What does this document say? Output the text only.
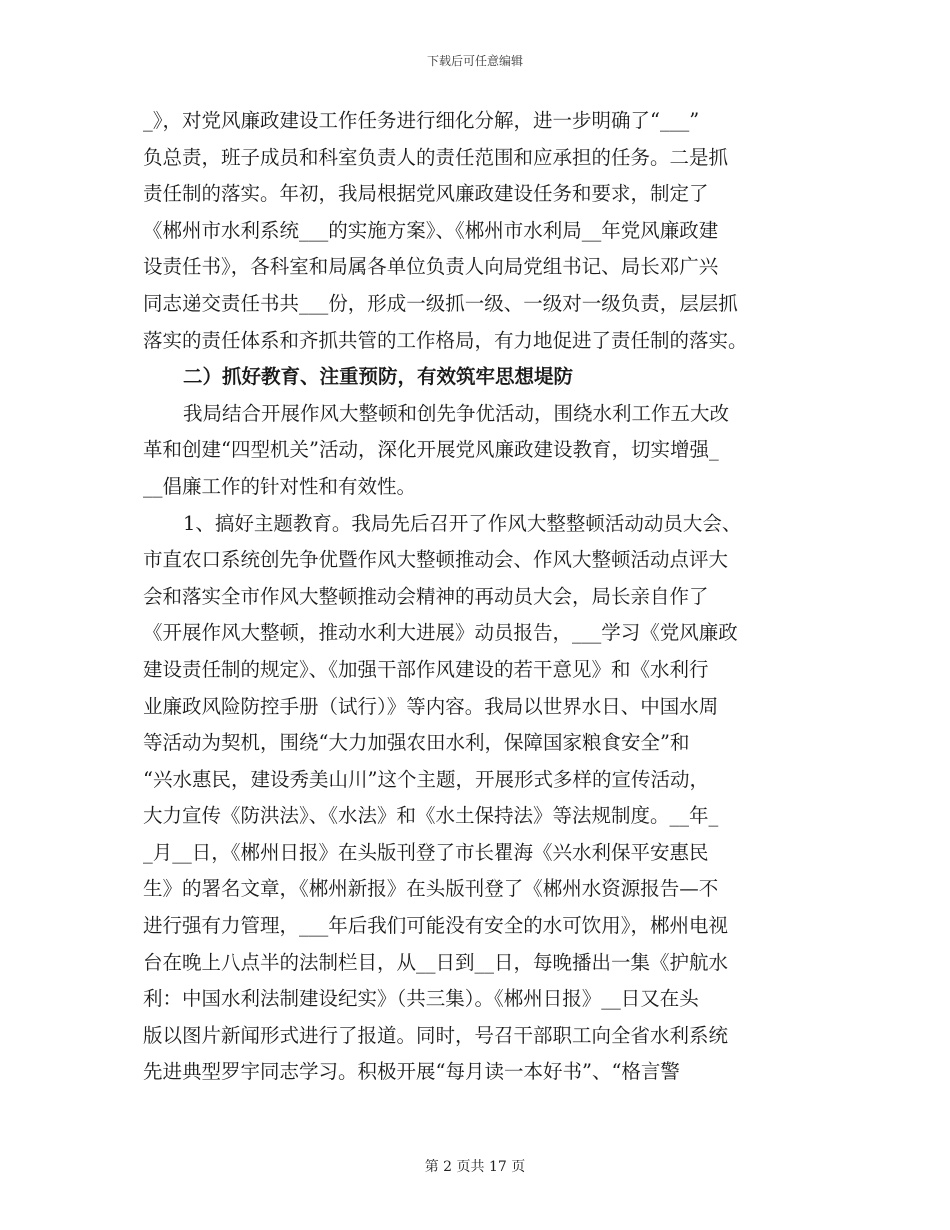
下载后可任意编辑
_》，对党风廉政建设工作任务进行细化分解，进一步明确了“___”
负总责，班子成员和科室负责人的责任范围和应承担的任务。二是抓
责任制的落实。年初，我局根据党风廉政建设任务和要求，制定了
《郴州市水利系统___的实施方案》、《郴州市水利局__年党风廉政建
设责任书》，各科室和局属各单位负责人向局党组书记、局长邓广兴
同志递交责任书共___份，形成一级抓一级、一级对一级负责，层层抓
落实的责任体系和齐抓共管的工作格局，有力地促进了责任制的落实。
二）抓好教育、注重预防，有效筑牢思想堤防
我局结合开展作风大整顿和创先争优活动，围绕水利工作五大改
革和创建“四型机关”活动，深化开展党风廉政建设教育，切实增强_
__倡廉工作的针对性和有效性。
1、搞好主题教育。我局先后召开了作风大整整顿活动动员大会、
市直农口系统创先争优暨作风大整顿推动会、作风大整顿活动点评大
会和落实全市作风大整顿推动会精神的再动员大会，局长亲自作了
《开展作风大整顿，推动水利大进展》动员报告，___学习《党风廉政
建设责任制的规定》、《加强干部作风建设的若干意见》和《水利行
业廉政风险防控手册（试行）》等内容。我局以世界水日、中国水周
等活动为契机，围绕“大力加强农田水利，保障国家粮食安全”和
“兴水惠民，建设秀美山川”这个主题，开展形式多样的宣传活动，
大力宣传《防洪法》、《水法》和《水土保持法》等法规制度。__年_
_月__日，《郴州日报》在头版刊登了市长瞿海《兴水利保平安惠民
生》的署名文章，《郴州新报》在头版刊登了《郴州水资源报告—不
进行强有力管理，___年后我们可能没有安全的水可饮用》，郴州电视
台在晚上八点半的法制栏目，从__日到__日，每晚播出一集《护航水
利：中国水利法制建设纪实》（共三集）。《郴州日报》__日又在头
版以图片新闻形式进行了报道。同时，号召干部职工向全省水利系统
先进典型罗宇同志学习。积极开展“每月读一本好书”、“格言警
第 2 页共 17 页
